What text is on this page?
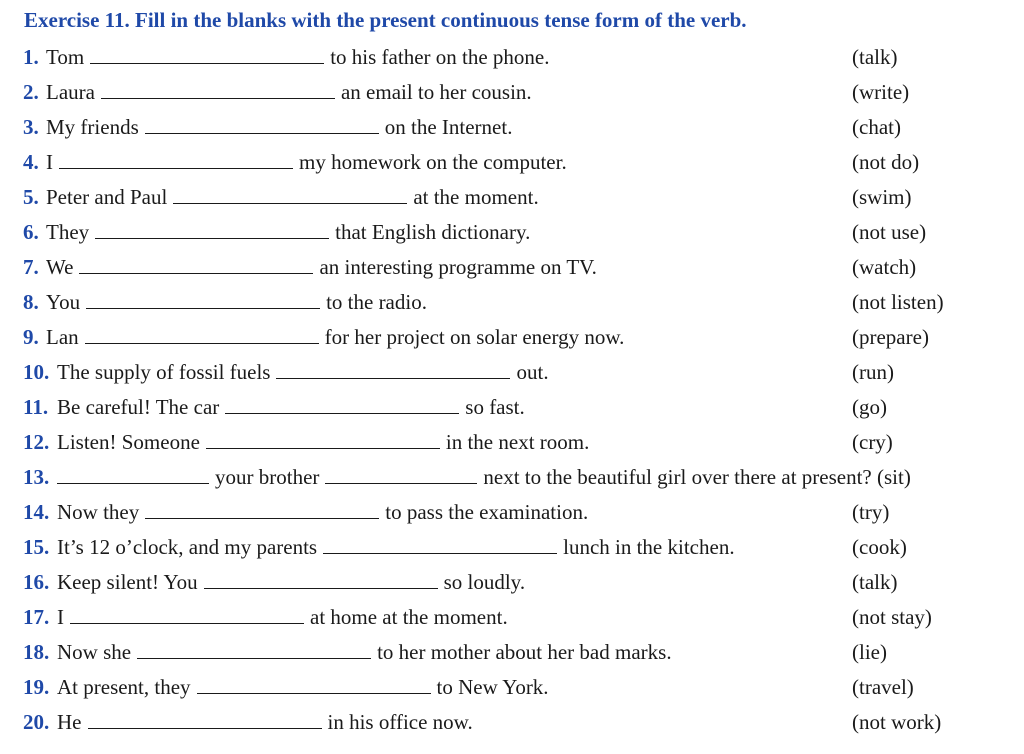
Exercise 11. Fill in the blanks with the present continuous tense form of the verb.
1. Tom	to his father on the phone.	(talk)
2. Laura	an email to her cousin.	(write)
3. My friends	on the Internet.	(chat)
4. I	my homework on the computer.	(not do)
5. Peter and Paul	at the moment.	(swim)
6. They	that English dictionary.	(not use)
7. We	an interesting programme on TV.	(watch)
8. You	to the radio.	(not listen)
9. Lan	for her project on solar energy now.	(prepare)
10. The supply of fossil fuels	out.	(run)
11. Be careful! The car	so fast.	(go)
12. Listen! Someone	in the next room.	(cry)
13.	your brother	next to the beautiful girl over there at present? (sit)
14. Now they	to pass the examination.	(try)
15. It’s 12 o’clock, and my parents	lunch in the kitchen.	(cook)
16. Keep silent! You	so loudly.	(talk)
17. I	at home at the moment.	(not stay)
18. Now she	to her mother about her bad marks.	(lie)
19. At present, they	to New York.	(travel)
20. He	in his office now.	(not work)
